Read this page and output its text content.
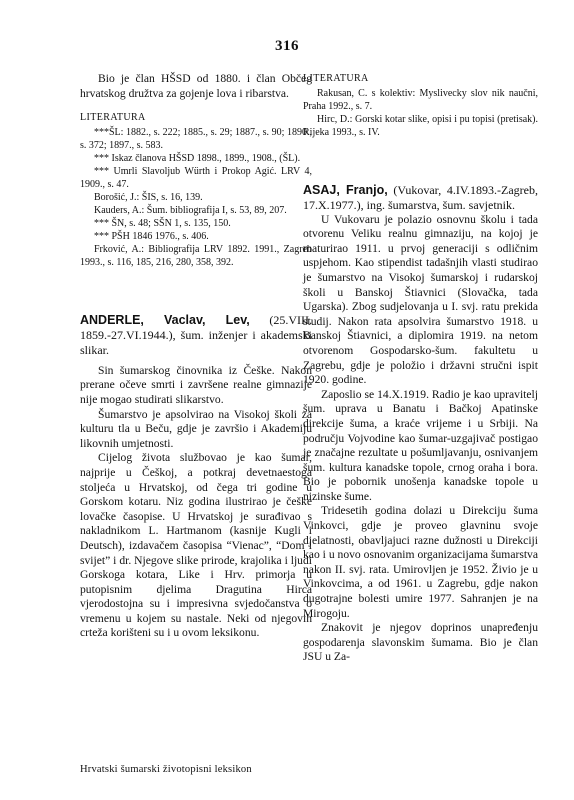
316

Bio je član HŠSD od 1880. i član Občeg hrvatskog družtva za gojenje lova i ribarstva.

LITERATURA

***ŠL: 1882., s. 222; 1885., s. 29; 1887., s. 90; 1890., s. 372; 1897., s. 583.
*** Iskaz članova HŠSD 1898., 1899., 1908., (ŠL).
*** Umrli Slavoljub Würth i Prokop Agić. LRV 4, 1909., s. 47.
Borošić, J.: ŠIS, s. 16, 139.
Kauders, A.: Šum. bibliografija I, s. 53, 89, 207.
*** ŠN, s. 48; SŠN 1, s. 135, 150.
*** PŠH 1846 1976., s. 406.
Frković, A.: Bibliografija LRV 1892. 1991., Zagreb 1993., s. 116, 185, 216, 280, 358, 392.

ANDERLE, Vaclav, Lev, (25.VIII. 1859.-27.VI.1944.), šum. inženjer i akademski slikar.

Sin šumarskog činovnika iz Češke. Nakon prerane očeve smrti i završene realne gimnazije nije mogao studirati slikarstvo.

Šumarstvo je apsolvirao na Visokoj školi za kulturu tla u Beču, gdje je završio i Akademiju likovnih umjetnosti.

Cijelog života službovao je kao šumar, najprije u Češkoj, a potkraj devetnaestoga stoljeća u Hrvatskoj, od čega tri godine u Gorskom kotaru. Niz godina ilustrirao je češke lovačke časopise. U Hrvatskoj je surađivao s nakladnikom L. Hartmanom (kasnije Kugli i Deutsch), izdavačem časopisa “Vienac”, “Dom i svijet” i dr. Njegove slike prirode, krajolika i ljudi Gorskoga kotara, Like i Hrv. primorja u putopisnim djelima Dragutina Hirca vjerodostojna su i impresivna svjedočanstva o vremenu u kojem su nastale. Neki od njegovih crteža korišteni su i u ovom leksikonu.

LITERATURA

Rakusan, C. s kolektiv: Myslivecky slov nik naučni, Praha 1992., s. 7.
Hirc, D.: Gorski kotar slike, opisi i pu topisi (pretisak). Rijeka 1993., s. IV.

ASAJ, Franjo, (Vukovar, 4.IV.1893.-Zagreb, 17.X.1977.), ing. šumarstva, šum. savjetnik.

U Vukovaru je polazio osnovnu školu i tada otvorenu Veliku realnu gimnaziju, na kojoj je maturirao 1911. u prvoj generaciji s odličnim uspjehom. Kao stipendist tadašnjih vlasti studirao je šumarstvo na Visokoj šumarskoj i rudarskoj školi u Banskoj Štiavnici (Slovačka, tada Ugarska). Zbog sudjelovanja u I. svj. ratu prekida studij. Nakon rata apsolvira šumarstvo 1918. u Banskoj Štiavnici, a diplomira 1919. na netom otvorenom Gospodarsko-šum. fakultetu u Zagrebu, gdje je položio i državni stručni ispit 1920. godine.

Zaposlio se 14.X.1919. Radio je kao upravitelj šum. uprava u Banatu i Bačkoj Apatinske direkcije šuma, a kraće vrijeme i u Srbiji. Na području Vojvodine kao šumar-uzgajivač postigao je značajne rezultate u pošumljavanju, osnivanjem šum. kultura kanadske topole, crnog oraha i bora. Bio je pobornik unošenja kanadske topole u nizinske šume.

Tridesetih godina dolazi u Direkciju šuma Vinkovci, gdje je proveo glavninu svoje djelatnosti, obavljajuci razne dužnosti u Direkciji kao i u novo osnovanim organizacijama šumarstva nakon II. svj. rata. Umirovljen je 1952. Živio je u Vinkovcima, a od 1961. u Zagrebu, gdje nakon dugotrajne bolesti umire 1977. Sahranjen je na Mirogoju.

Znakovit je njegov doprinos unapređenju gospodarenja slavonskim šumama. Bio je član JSU u Za-

Hrvatski šumarski životopisni leksikon
